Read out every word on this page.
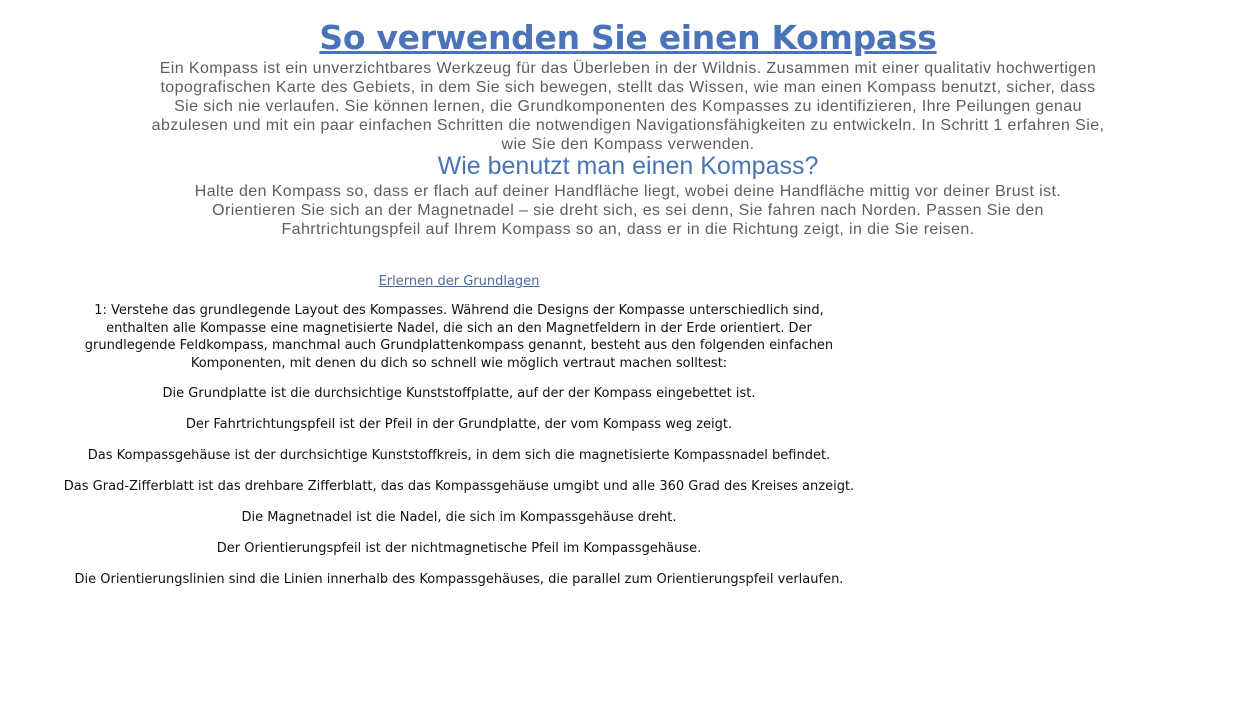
So verwenden Sie einen Kompass

Ein Kompass ist ein unverzichtbares Werkzeug für das Überleben in der Wildnis. Zusammen mit einer qualitativ hochwertigen topografischen Karte des Gebiets, in dem Sie sich bewegen, stellt das Wissen, wie man einen Kompass benutzt, sicher, dass Sie sich nie verlaufen. Sie können lernen, die Grundkomponenten des Kompasses zu identifizieren, Ihre Peilungen genau abzulesen und mit ein paar einfachen Schritten die notwendigen Navigationsfähigkeiten zu entwickeln. In Schritt 1 erfahren Sie, wie Sie den Kompass verwenden.

Wie benutzt man einen Kompass?

Halte den Kompass so, dass er flach auf deiner Handfläche liegt, wobei deine Handfläche mittig vor deiner Brust ist. Orientieren Sie sich an der Magnetnadel – sie dreht sich, es sei denn, Sie fahren nach Norden. Passen Sie den Fahrtrichtungspfeil auf Ihrem Kompass so an, dass er in die Richtung zeigt, in die Sie reisen.

Erlernen der Grundlagen

1: Verstehe das grundlegende Layout des Kompasses. Während die Designs der Kompasse unterschiedlich sind, enthalten alle Kompasse eine magnetisierte Nadel, die sich an den Magnetfeldern in der Erde orientiert. Der grundlegende Feldkompass, manchmal auch Grundplattenkompass genannt, besteht aus den folgenden einfachen Komponenten, mit denen du dich so schnell wie möglich vertraut machen solltest:

Die Grundplatte ist die durchsichtige Kunststoffplatte, auf der der Kompass eingebettet ist.
Der Fahrtrichtungspfeil ist der Pfeil in der Grundplatte, der vom Kompass weg zeigt.
Das Kompassgehäuse ist der durchsichtige Kunststoffkreis, in dem sich die magnetisierte Kompassnadel befindet.
Das Grad-Zifferblatt ist das drehbare Zifferblatt, das das Kompassgehäuse umgibt und alle 360 Grad des Kreises anzeigt.
Die Magnetnadel ist die Nadel, die sich im Kompassgehäuse dreht.
Der Orientierungspfeil ist der nichtmagnetische Pfeil im Kompassgehäuse.
Die Orientierungslinien sind die Linien innerhalb des Kompassgehäuses, die parallel zum Orientierungspfeil verlaufen.
